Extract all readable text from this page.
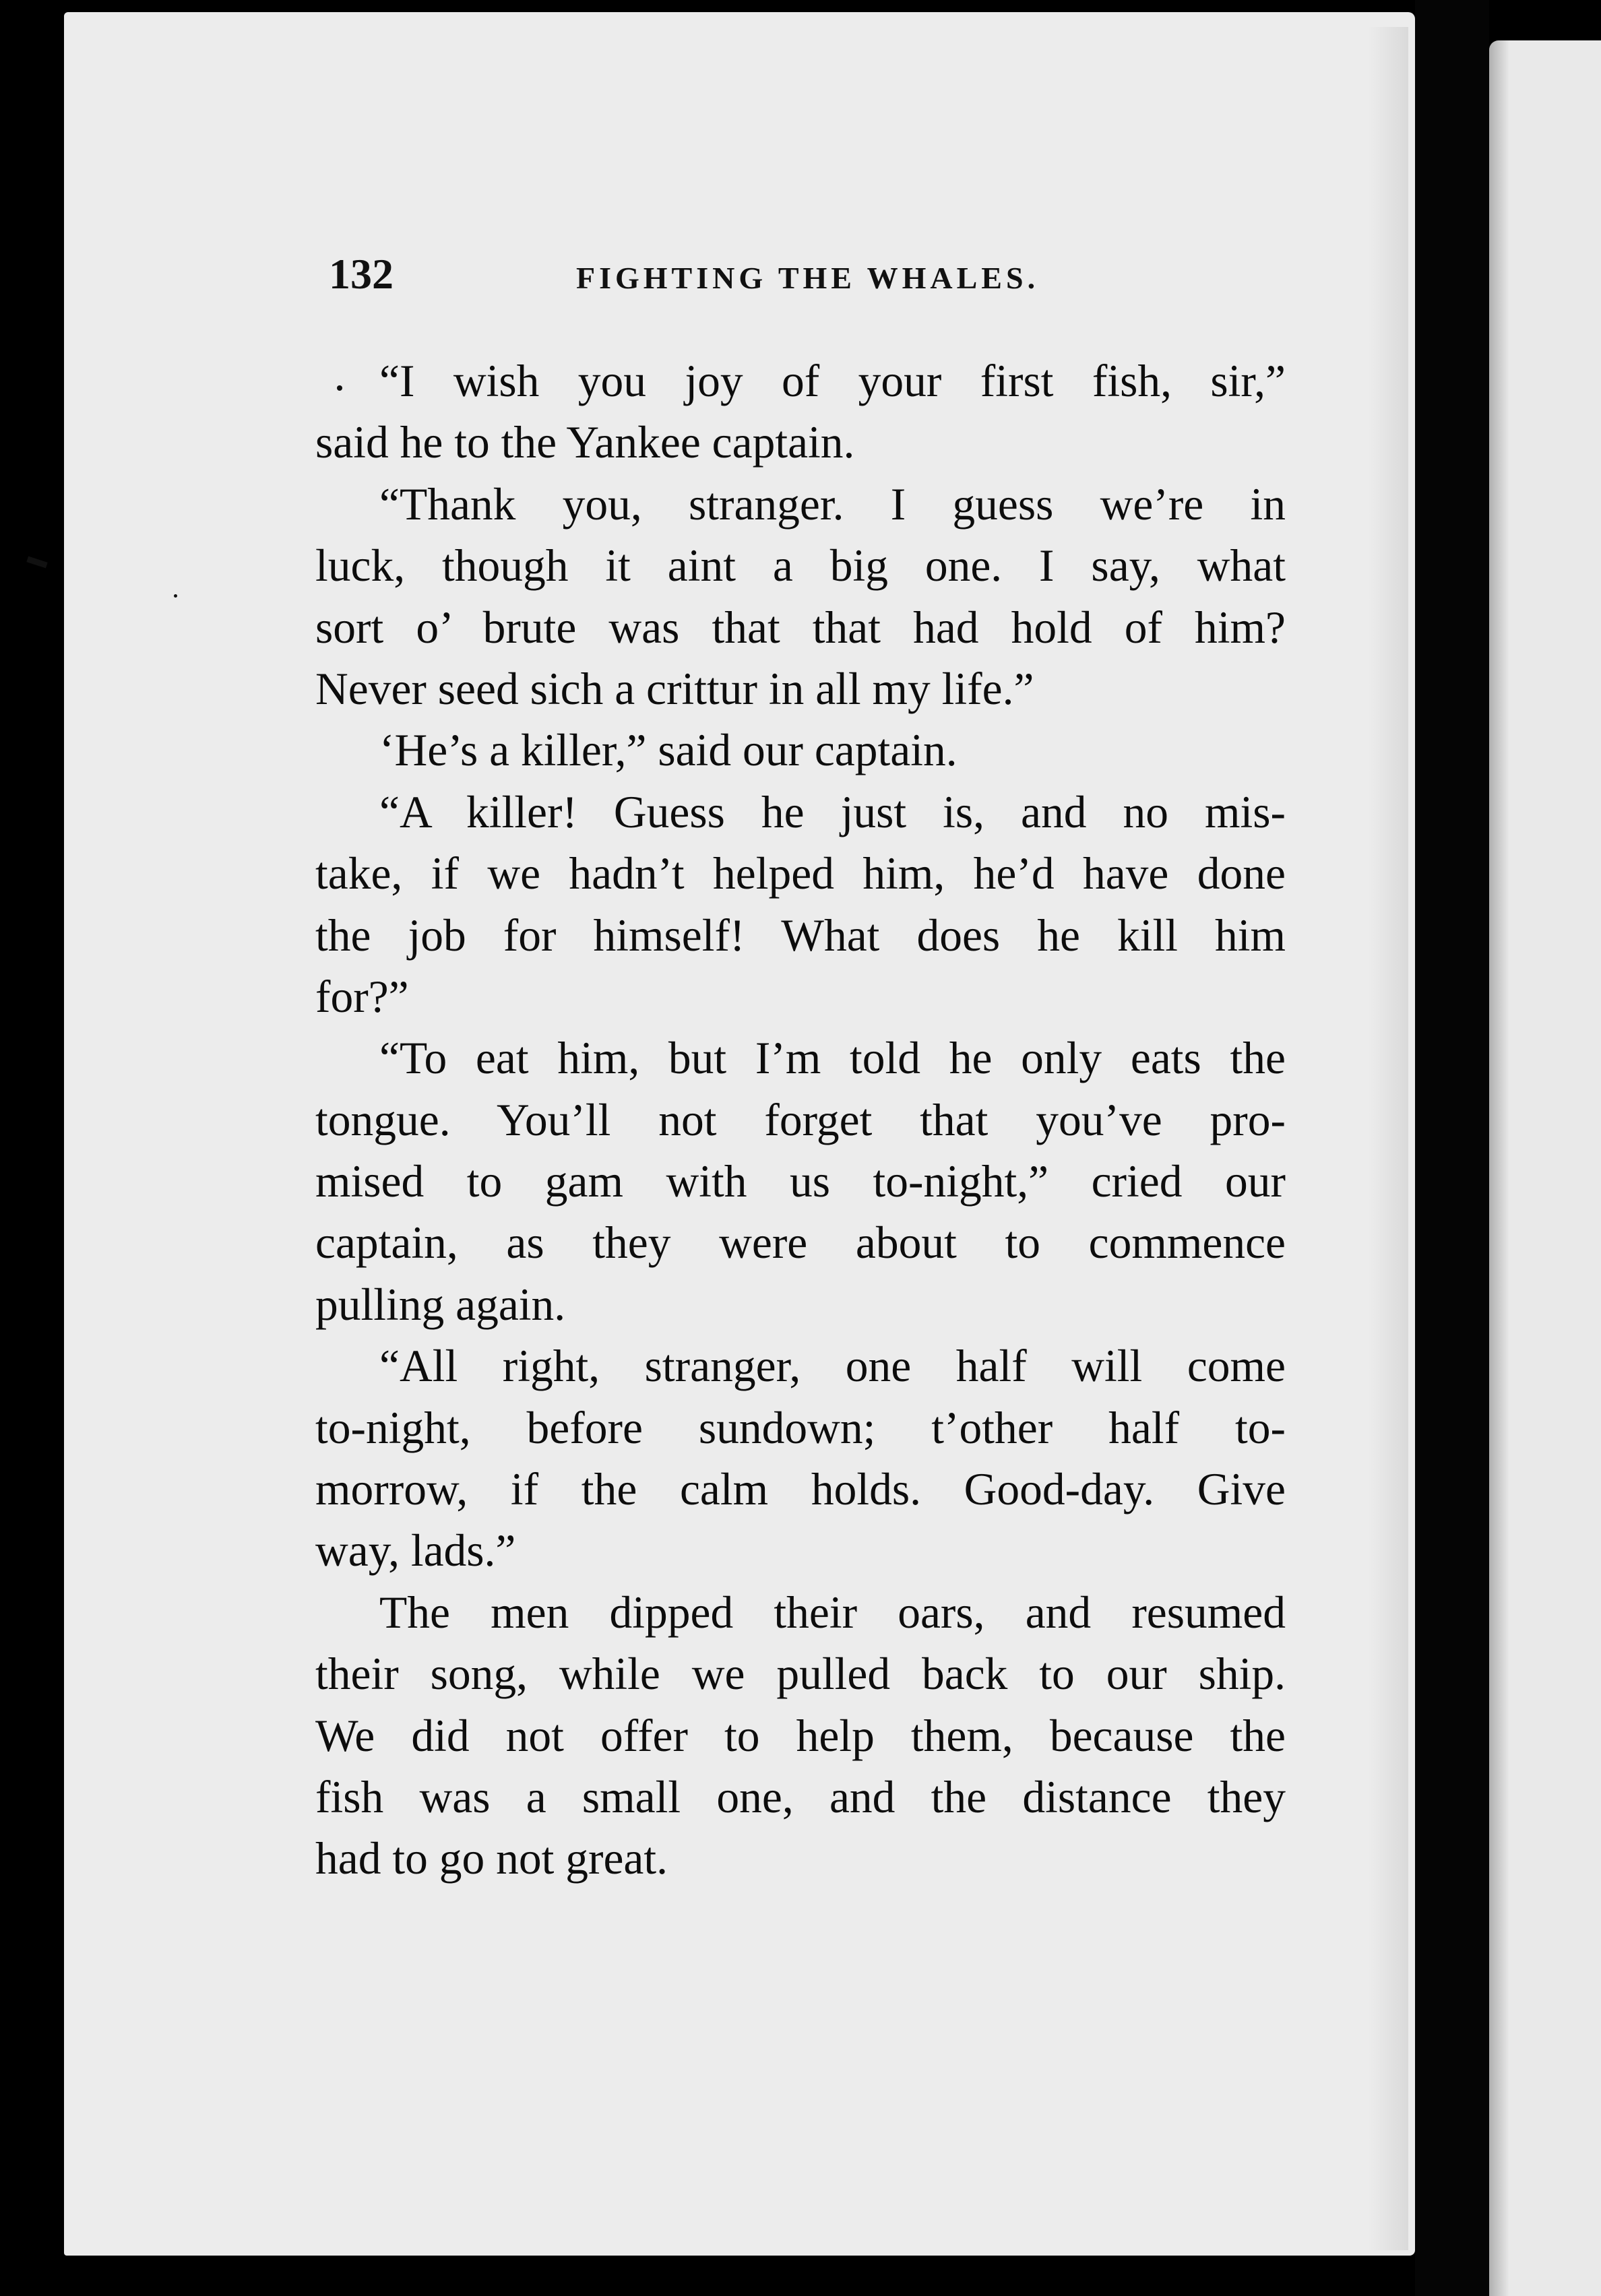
132	FIGHTING THE WHALES.
“I wish you joy of your first fish, sir,”
said he to the Yankee captain.
“Thank you, stranger. I guess we’re in
luck, though it aint a big one. I say, what
sort o’ brute was that that had hold of him?
Never seed sich a crittur in all my life.”
‘He’s a killer,” said our captain.
“A killer! Guess he just is, and no mis-
take, if we hadn’t helped him, he’d have done
the job for himself! What does he kill him
for?”
“To eat him, but I’m told he only eats the
tongue. You’ll not forget that you’ve pro-
mised to gam with us to-night,” cried our
captain, as they were about to commence
pulling again.
“All right, stranger, one half will come
to-night, before sundown; t’other half to-
morrow, if the calm holds. Good-day. Give
way, lads.”
The men dipped their oars, and resumed
their song, while we pulled back to our ship.
We did not offer to help them, because the
fish was a small one, and the distance they
had to go not great.
